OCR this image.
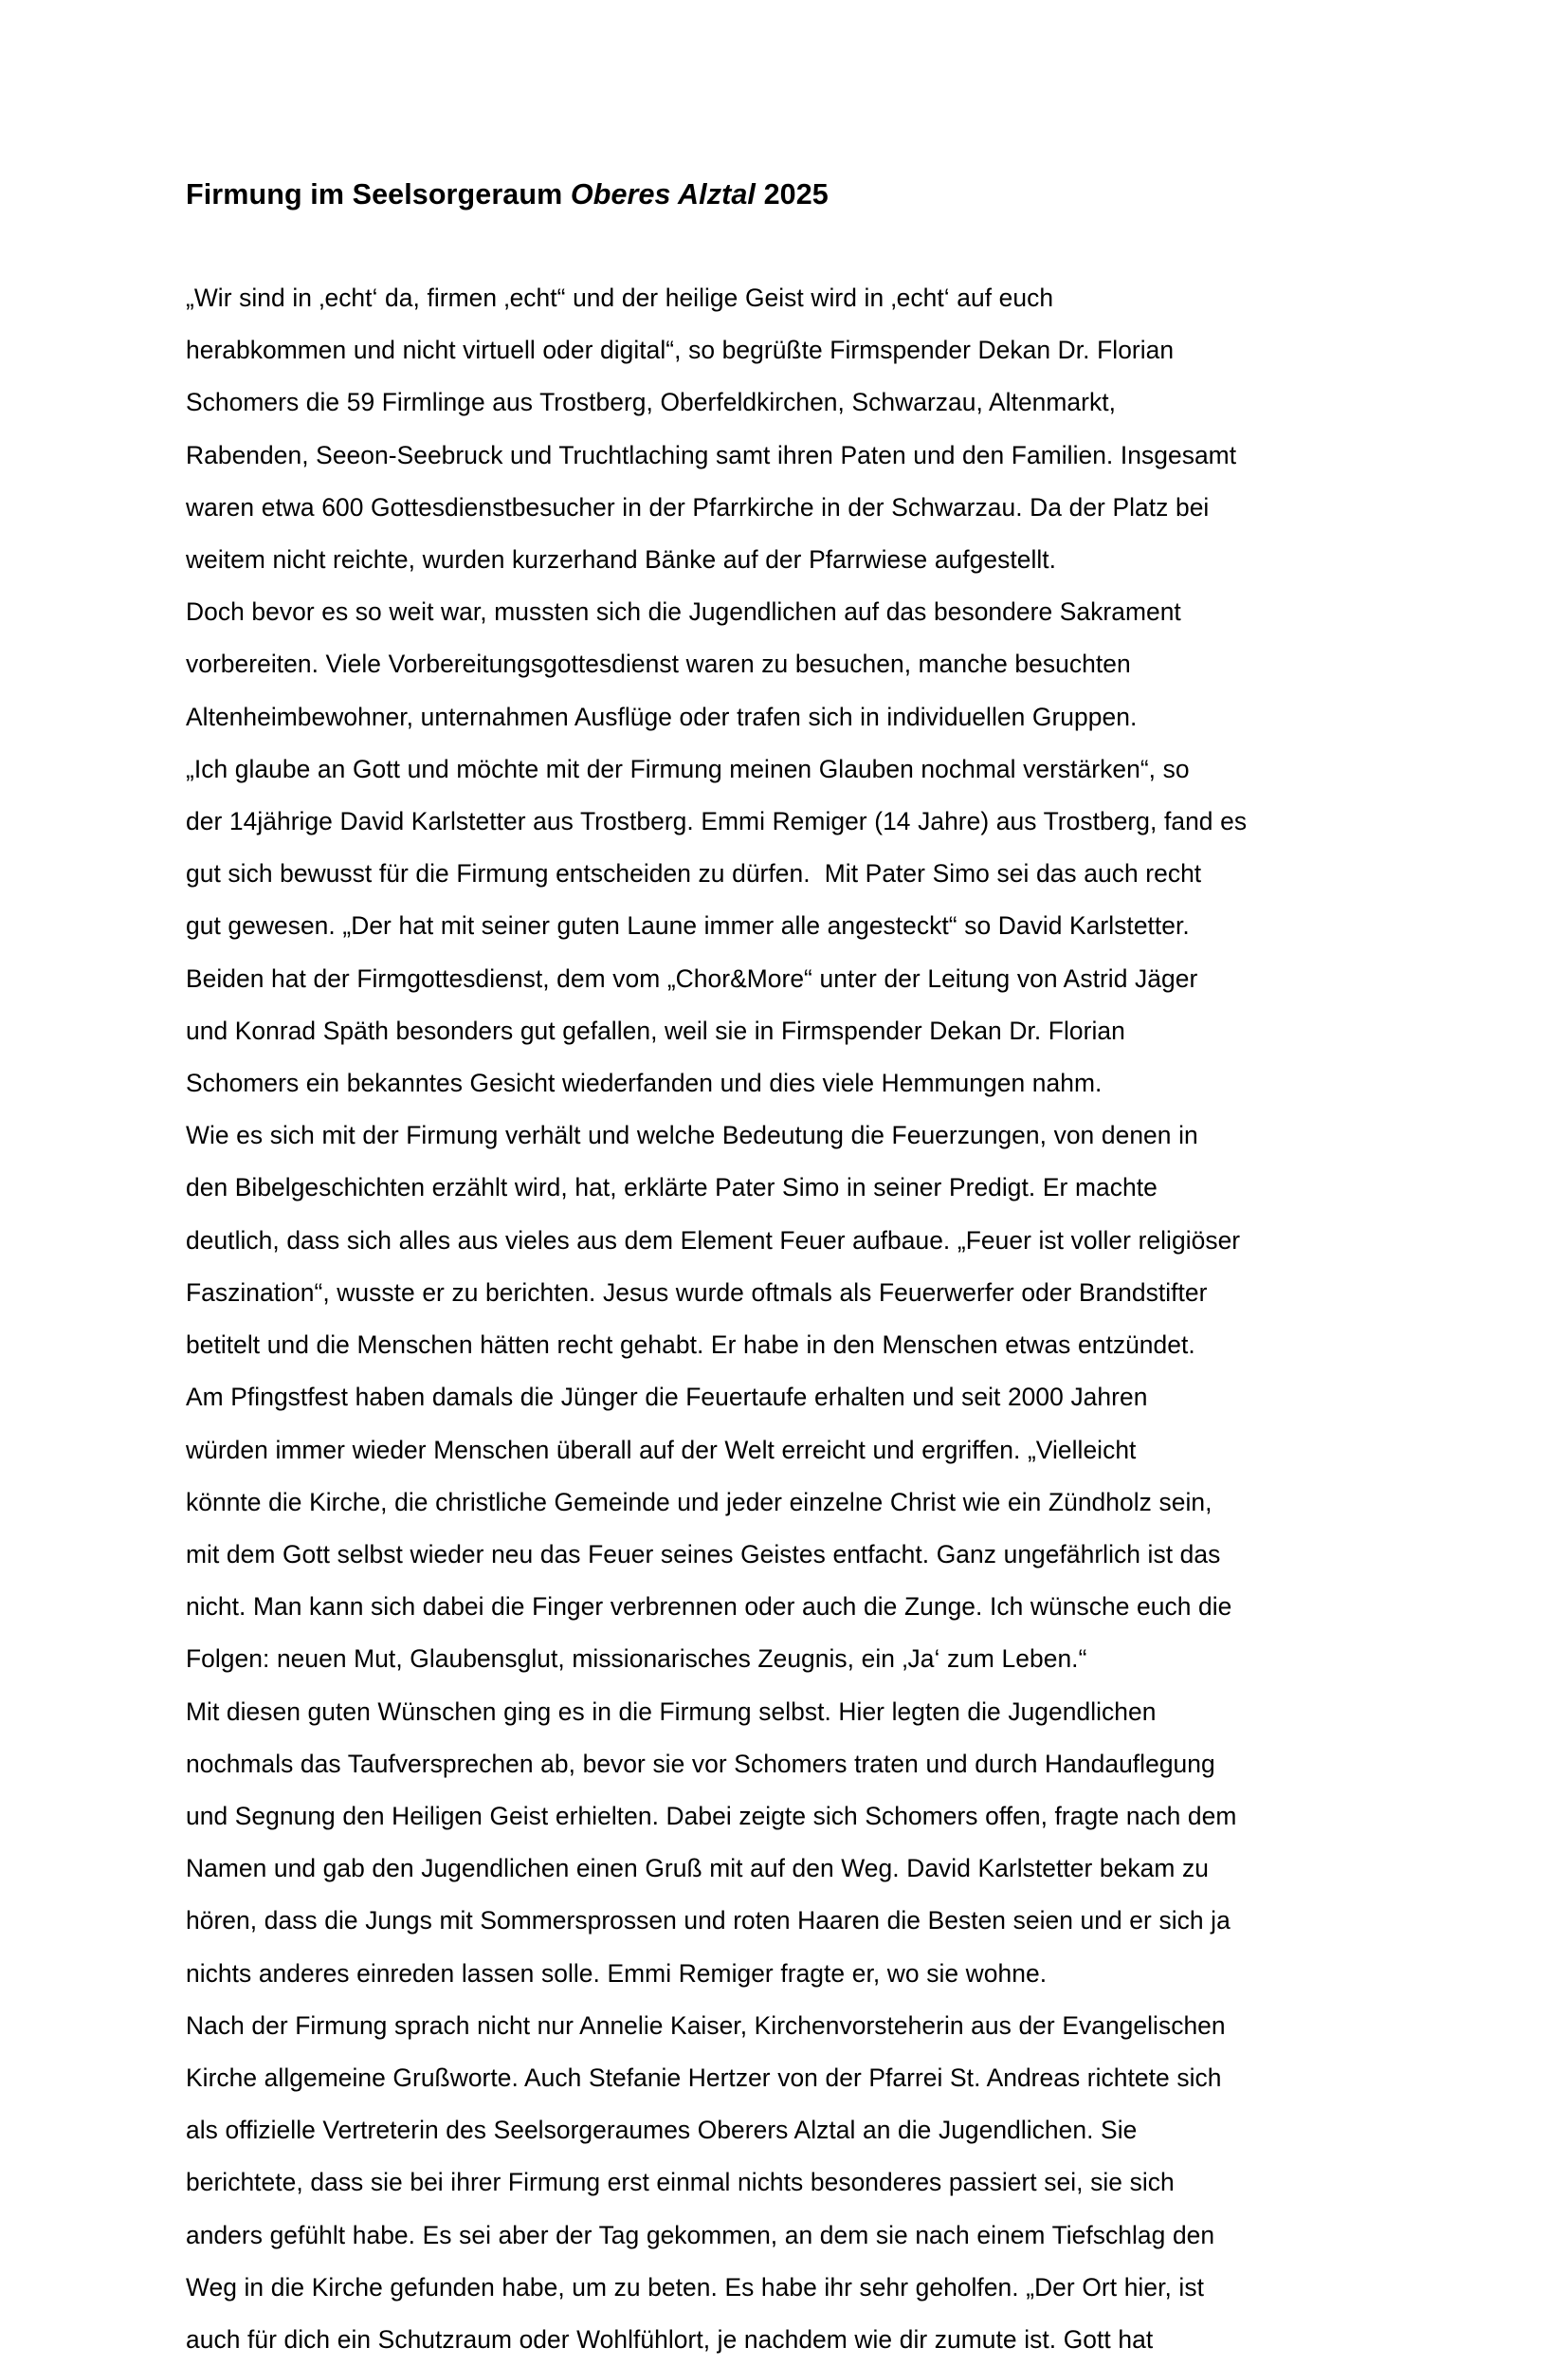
Firmung im Seelsorgeraum Oberes Alztal 2025

„Wir sind in ‚echt‘ da, firmen ‚echt“ und der heilige Geist wird in ‚echt‘ auf euch
herabkommen und nicht virtuell oder digital“, so begrüßte Firmspender Dekan Dr. Florian
Schomers die 59 Firmlinge aus Trostberg, Oberfeldkirchen, Schwarzau, Altenmarkt,
Rabenden, Seeon-Seebruck und Truchtlaching samt ihren Paten und den Familien. Insgesamt
waren etwa 600 Gottesdienstbesucher in der Pfarrkirche in der Schwarzau. Da der Platz bei
weitem nicht reichte, wurden kurzerhand Bänke auf der Pfarrwiese aufgestellt.

Doch bevor es so weit war, mussten sich die Jugendlichen auf das besondere Sakrament
vorbereiten. Viele Vorbereitungsgottesdienst waren zu besuchen, manche besuchten
Altenheimbewohner, unternahmen Ausflüge oder trafen sich in individuellen Gruppen.

„Ich glaube an Gott und möchte mit der Firmung meinen Glauben nochmal verstärken“, so
der 14jährige David Karlstetter aus Trostberg. Emmi Remiger (14 Jahre) aus Trostberg, fand es
gut sich bewusst für die Firmung entscheiden zu dürfen.  Mit Pater Simo sei das auch recht
gut gewesen. „Der hat mit seiner guten Laune immer alle angesteckt“ so David Karlstetter.
Beiden hat der Firmgottesdienst, dem vom „Chor&More“ unter der Leitung von Astrid Jäger
und Konrad Späth besonders gut gefallen, weil sie in Firmspender Dekan Dr. Florian
Schomers ein bekanntes Gesicht wiederfanden und dies viele Hemmungen nahm.

Wie es sich mit der Firmung verhält und welche Bedeutung die Feuerzungen, von denen in
den Bibelgeschichten erzählt wird, hat, erklärte Pater Simo in seiner Predigt. Er machte
deutlich, dass sich alles aus vieles aus dem Element Feuer aufbaue. „Feuer ist voller religiöser
Faszination“, wusste er zu berichten. Jesus wurde oftmals als Feuerwerfer oder Brandstifter
betitelt und die Menschen hätten recht gehabt. Er habe in den Menschen etwas entzündet.
Am Pfingstfest haben damals die Jünger die Feuertaufe erhalten und seit 2000 Jahren
würden immer wieder Menschen überall auf der Welt erreicht und ergriffen. „Vielleicht
könnte die Kirche, die christliche Gemeinde und jeder einzelne Christ wie ein Zündholz sein,
mit dem Gott selbst wieder neu das Feuer seines Geistes entfacht. Ganz ungefährlich ist das
nicht. Man kann sich dabei die Finger verbrennen oder auch die Zunge. Ich wünsche euch die
Folgen: neuen Mut, Glaubensglut, missionarisches Zeugnis, ein ‚Ja‘ zum Leben.“

Mit diesen guten Wünschen ging es in die Firmung selbst. Hier legten die Jugendlichen
nochmals das Taufversprechen ab, bevor sie vor Schomers traten und durch Handauflegung
und Segnung den Heiligen Geist erhielten. Dabei zeigte sich Schomers offen, fragte nach dem
Namen und gab den Jugendlichen einen Gruß mit auf den Weg. David Karlstetter bekam zu
hören, dass die Jungs mit Sommersprossen und roten Haaren die Besten seien und er sich ja
nichts anderes einreden lassen solle. Emmi Remiger fragte er, wo sie wohne.

Nach der Firmung sprach nicht nur Annelie Kaiser, Kirchenvorsteherin aus der Evangelischen
Kirche allgemeine Grußworte. Auch Stefanie Hertzer von der Pfarrei St. Andreas richtete sich
als offizielle Vertreterin des Seelsorgeraumes Oberers Alztal an die Jugendlichen. Sie
berichtete, dass sie bei ihrer Firmung erst einmal nichts besonderes passiert sei, sie sich
anders gefühlt habe. Es sei aber der Tag gekommen, an dem sie nach einem Tiefschlag den
Weg in die Kirche gefunden habe, um zu beten. Es habe ihr sehr geholfen. „Der Ort hier, ist
auch für dich ein Schutzraum oder Wohlfühlort, je nachdem wie dir zumute ist. Gott hat
